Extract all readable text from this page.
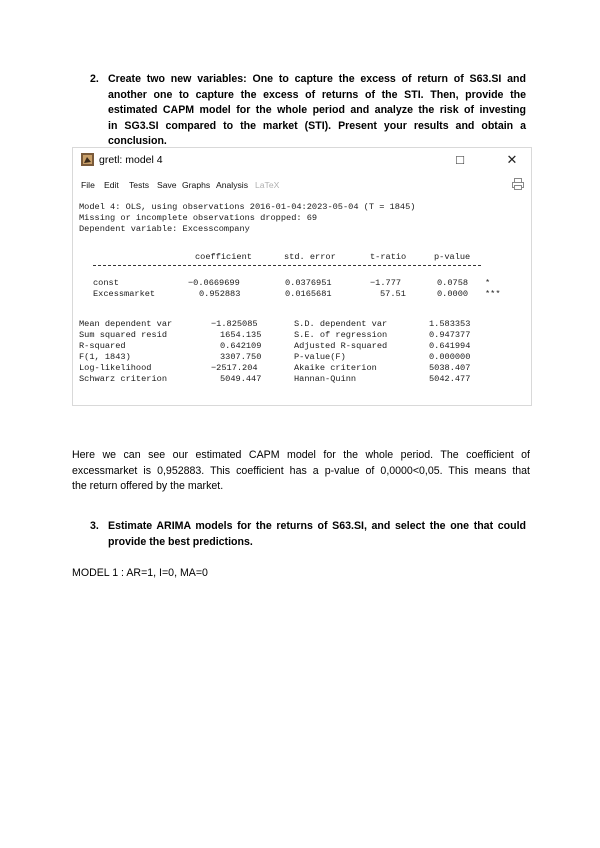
2. Create two new variables: One to capture the excess of return of S63.SI and
another one to capture the excess of returns of the STI. Then, provide the
estimated CAPM model for the whole period and analyze the risk of investing
in SG3.SI compared to the market (STI). Present your results and obtain a
conclusion.
gretl: model 4	□	✕
File Edit Tests Save Graphs Analysis LaTeX
Model 4: OLS, using observations 2016-01-04:2023-05-04 (T = 1845)
Missing or incomplete observations dropped: 69
Dependent variable: Excesscompany
coefficient	std. error	t-ratio	p-value
const	−0.0669699	0.0376951	−1.777	0.0758 *
Excessmarket	0.952883	0.0165681	57.51	0.0000 ***
Mean dependent var	−1.825085	S.D. dependent var	1.583353
Sum squared resid	1654.135	S.E. of regression	0.947377
R-squared	0.642109	Adjusted R-squared	0.641994
F(1, 1843)	3307.750	P-value(F)	0.000000
Log-likelihood	−2517.204	Akaike criterion	5038.407
Schwarz criterion	5049.447	Hannan-Quinn	5042.477
Here we can see our estimated CAPM model for the whole period. The coefficient of
excessmarket is 0,952883. This coefficient has a p-value of 0,0000<0,05. This means that
the return offered by the market.
3. Estimate ARIMA models for the returns of S63.SI, and select the one that could
provide the best predictions.
MODEL 1 : AR=1, I=0, MA=0
